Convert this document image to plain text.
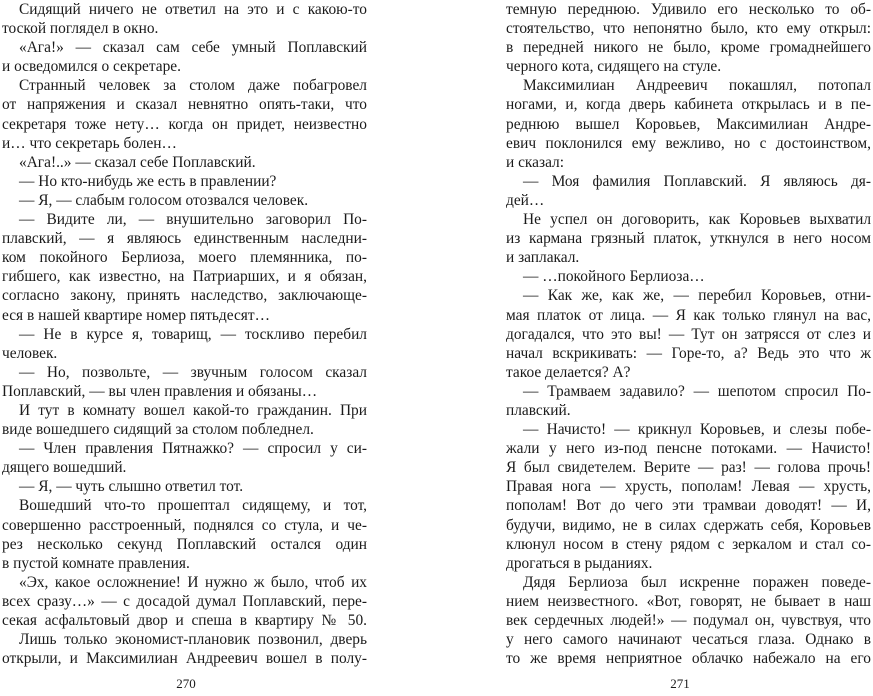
Сидящий ничего не ответил на это и с какою-то
тоской поглядел в окно.
«Ага!» — сказал сам себе умный Поплавский
и осведомился о секретаре.
Странный человек за столом даже побагровел
от напряжения и сказал невнятно опять-таки, что
секретаря тоже нету… когда он придет, неизвестно
и… что секретарь болен…
«Ага!..» — сказал себе Поплавский.
— Но кто-нибудь же есть в правлении?
— Я, — слабым голосом отозвался человек.
— Видите ли, — внушительно заговорил По-
плавский, — я являюсь единственным наследни-
ком покойного Берлиоза, моего племянника, по-
гибшего, как известно, на Патриарших, и я обязан,
согласно закону, принять наследство, заключающе-
еся в нашей квартире номер пятьдесят…
— Не в курсе я, товарищ, — тоскливо перебил
человек.
— Но, позвольте, — звучным голосом сказал
Поплавский, — вы член правления и обязаны…
И тут в комнату вошел какой-то гражданин. При
виде вошедшего сидящий за столом побледнел.
— Член правления Пятнажко? — спросил у си-
дящего вошедший.
— Я, — чуть слышно ответил тот.
Вошедший что-то прошептал сидящему, и тот,
совершенно расстроенный, поднялся со стула, и че-
рез несколько секунд Поплавский остался один
в пустой комнате правления.
«Эх, какое осложнение! И нужно ж было, чтоб их
всех сразу…» — с досадой думал Поплавский, пере-
секая асфальтовый двор и спеша в квартиру № 50.
Лишь только экономист-плановик позвонил, дверь
открыли, и Максимилиан Андреевич вошел в полу-
270
темную переднюю. Удивило его несколько то об-
стоятельство, что непонятно было, кто ему открыл:
в передней никого не было, кроме громаднейшего
черного кота, сидящего на стуле.
Максимилиан Андреевич покашлял, потопал
ногами, и, когда дверь кабинета открылась и в пе-
реднюю вышел Коровьев, Максимилиан Андре-
евич поклонился ему вежливо, но с достоинством,
и сказал:
— Моя фамилия Поплавский. Я являюсь дя-
дей…
Не успел он договорить, как Коровьев выхватил
из кармана грязный платок, уткнулся в него носом
и заплакал.
— …покойного Берлиоза…
— Как же, как же, — перебил Коровьев, отни-
мая платок от лица. — Я как только глянул на вас,
догадался, что это вы! — Тут он затрясся от слез и
начал вскрикивать: — Горе-то, а? Ведь это что ж
такое делается? А?
— Трамваем задавило? — шепотом спросил По-
плавский.
— Начисто! — крикнул Коровьев, и слезы побе-
жали у него из-под пенсне потоками. — Начисто!
Я был свидетелем. Верите — раз! — голова прочь!
Правая нога — хрусть, пополам! Левая — хрусть,
пополам! Вот до чего эти трамваи доводят! — И,
будучи, видимо, не в силах сдержать себя, Коровьев
клюнул носом в стену рядом с зеркалом и стал со-
дрогаться в рыданиях.
Дядя Берлиоза был искренне поражен поведе-
нием неизвестного. «Вот, говорят, не бывает в наш
век сердечных людей!» — подумал он, чувствуя, что
у него самого начинают чесаться глаза. Однако в
то же время неприятное облачко набежало на его
271
